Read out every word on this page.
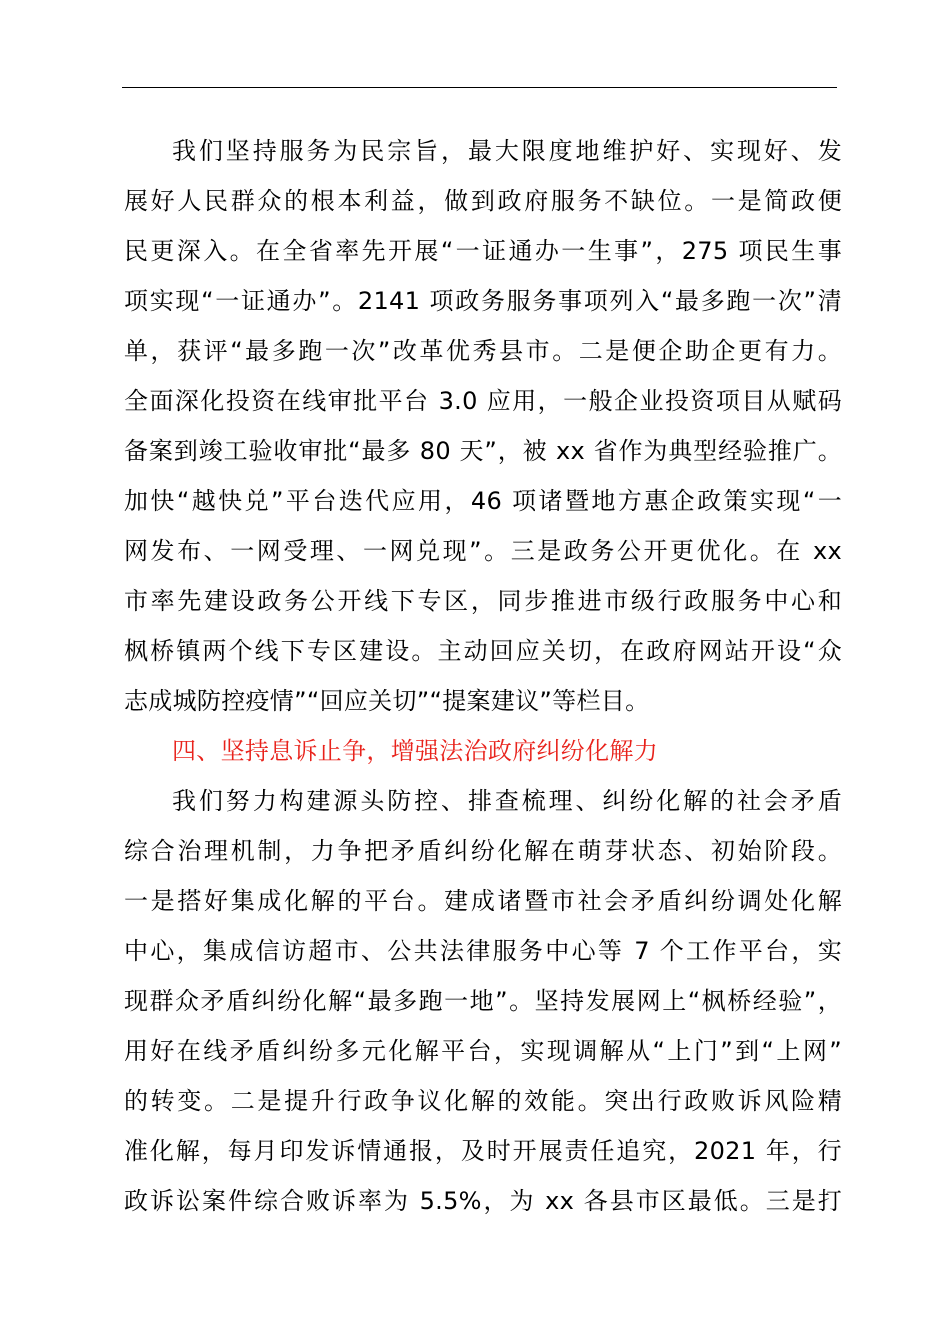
我们坚持服务为民宗旨，最大限度地维护好、实现好、发
展好人民群众的根本利益，做到政府服务不缺位。一是简政便
民更深入。在全省率先开展“一证通办一生事”，275 项民生事
项实现“一证通办”。2141 项政务服务事项列入“最多跑一次”清
单，获评“最多跑一次”改革优秀县市。二是便企助企更有力。
全面深化投资在线审批平台 3.0 应用，一般企业投资项目从赋码
备案到竣工验收审批“最多 80 天”，被 xx 省作为典型经验推广。
加快“越快兑”平台迭代应用，46 项诸暨地方惠企政策实现“一
网发布、一网受理、一网兑现”。三是政务公开更优化。在 xx
市率先建设政务公开线下专区，同步推进市级行政服务中心和
枫桥镇两个线下专区建设。主动回应关切，在政府网站开设“众
志成城防控疫情”“回应关切”“提案建议”等栏目。
四、坚持息诉止争，增强法治政府纠纷化解力
我们努力构建源头防控、排查梳理、纠纷化解的社会矛盾
综合治理机制，力争把矛盾纠纷化解在萌芽状态、初始阶段。
一是搭好集成化解的平台。建成诸暨市社会矛盾纠纷调处化解
中心，集成信访超市、公共法律服务中心等 7 个工作平台，实
现群众矛盾纠纷化解“最多跑一地”。坚持发展网上“枫桥经验”，
用好在线矛盾纠纷多元化解平台，实现调解从“上门”到“上网”
的转变。二是提升行政争议化解的效能。突出行政败诉风险精
准化解，每月印发诉情通报，及时开展责任追究，2021 年，行
政诉讼案件综合败诉率为 5.5%，为 xx 各县市区最低。三是打
